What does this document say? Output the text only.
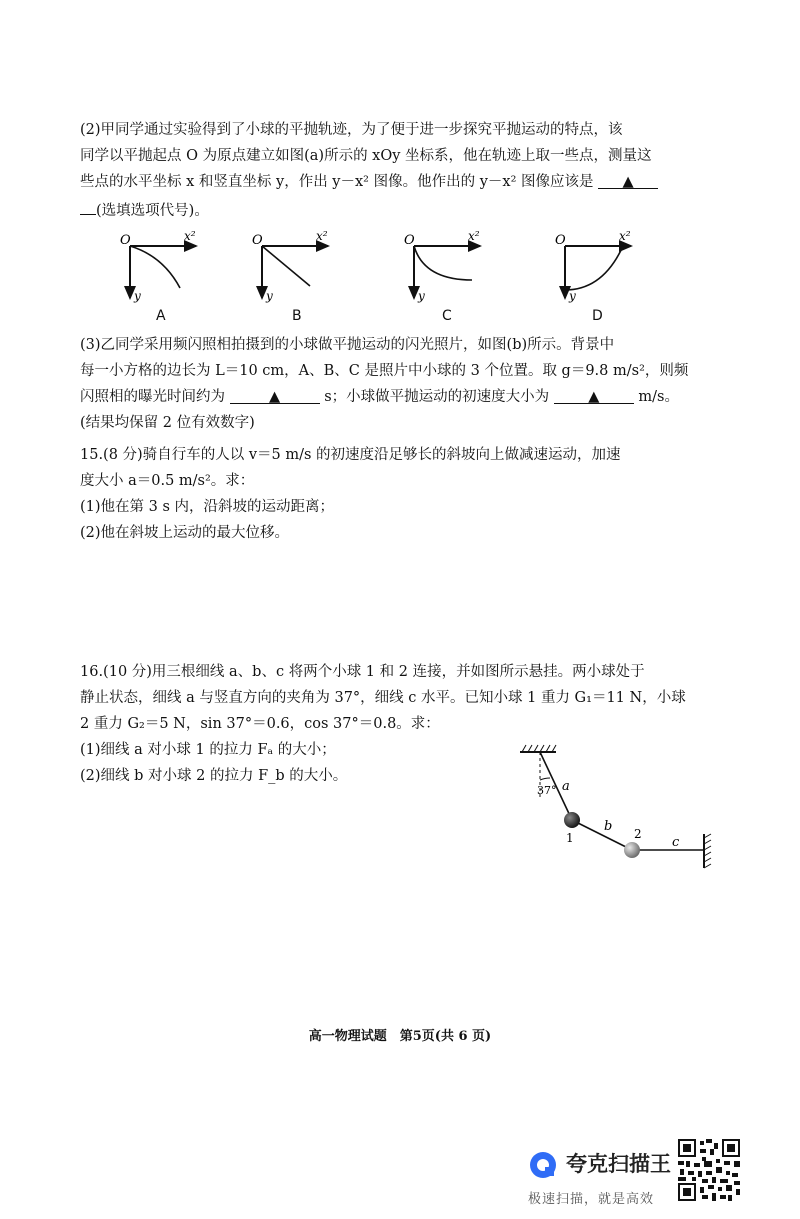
(2)甲同学通过实验得到了小球的平抛轨迹，为了便于进一步探究平抛运动的特点，该
同学以平抛起点 O 为原点建立如图(a)所示的 xOy 坐标系，他在轨迹上取一些点，测量这
些点的水平坐标 x 和竖直坐标 y，作出 y－x² 图像。他作出的 y－x² 图像应该是 ▲
(选填选项代号)。
O	x²
y
A
O	x²
y
B
O	x²
y
C
O	x²
y
D
(3)乙同学采用频闪照相拍摄到的小球做平抛运动的闪光照片，如图(b)所示。背景中
每一小方格的边长为 L＝10 cm，A、B、C 是照片中小球的 3 个位置。取 g＝9.8 m/s²，则频
闪照相的曝光时间约为	▲	s；小球做平抛运动的初速度大小为	▲	m/s。
(结果均保留 2 位有效数字)
15.(8 分)骑自行车的人以 v＝5 m/s 的初速度沿足够长的斜坡向上做减速运动，加速
度大小 a＝0.5 m/s²。求：
(1)他在第 3 s 内，沿斜坡的运动距离；
(2)他在斜坡上运动的最大位移。
16.(10 分)用三根细线 a、b、c 将两个小球 1 和 2 连接，并如图所示悬挂。两小球处于
静止状态，细线 a 与竖直方向的夹角为 37°，细线 c 水平。已知小球 1 重力 G₁＝11 N，小球
2 重力 G₂＝5 N，sin 37°＝0.6，cos 37°＝0.8。求：
(1)细线 a 对小球 1 的拉力 Fₐ 的大小；
(2)细线 b 对小球 2 的拉力 F_b 的大小。
37° a
b
c
1	2
高一物理试题　第5页(共 6 页)
夸克扫描王
极速扫描，就是高效
